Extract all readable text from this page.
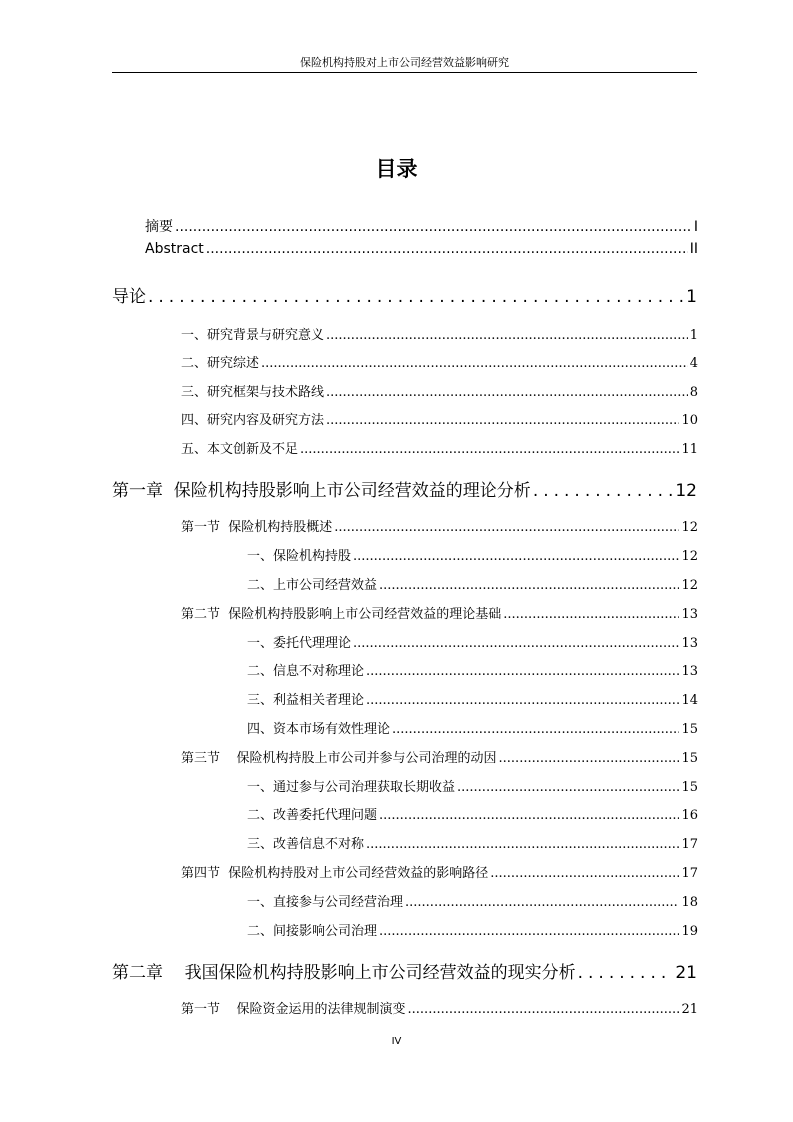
保险机构持股对上市公司经营效益影响研究
目录
摘要 .....	I
Abstract .....	II
导论 .....	1
一、研究背景与研究意义 .....	1
二、研究综述 .....	4
三、研究框架与技术路线 .....	8
四、研究内容及研究方法 .....	10
五、本文创新及不足 .....	11
第一章  保险机构持股影响上市公司经营效益的理论分析 .....	12
第一节  保险机构持股概述 .....	12
一、保险机构持股 .....	12
二、上市公司经营效益 .....	12
第二节  保险机构持股影响上市公司经营效益的理论基础 .....	13
一、委托代理理论 .....	13
二、信息不对称理论 .....	13
三、利益相关者理论 .....	14
四、资本市场有效性理论 .....	15
第三节    保险机构持股上市公司并参与公司治理的动因 .....	15
一、通过参与公司治理获取长期收益 .....	15
二、改善委托代理问题 .....	16
三、改善信息不对称 .....	17
第四节  保险机构持股对上市公司经营效益的影响路径 .....	17
一、直接参与公司经营治理 .....	18
二、间接影响公司治理 .....	19
第二章    我国保险机构持股影响上市公司经营效益的现实分析 .....	21
第一节    保险资金运用的法律规制演变 .....	21
IV
